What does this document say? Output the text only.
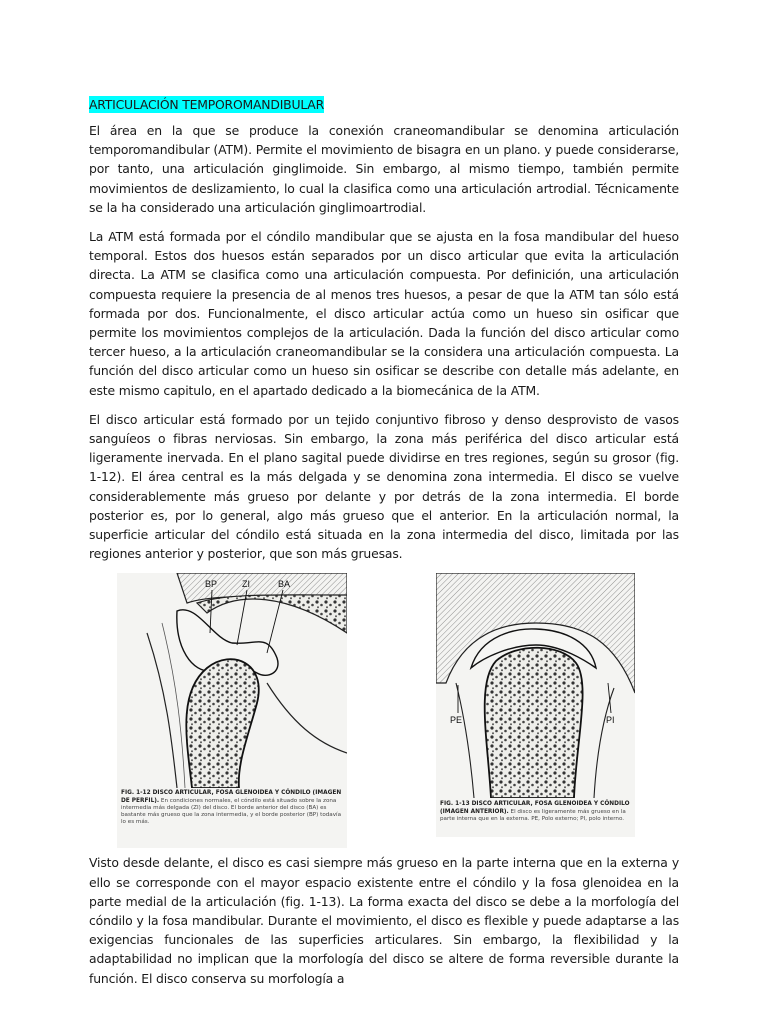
ARTICULACIÓN TEMPOROMANDIBULAR

El área en la que se produce la conexión craneomandibular se denomina articulación temporomandibular (ATM). Permite el movimiento de bisagra en un plano. y puede considerarse, por tanto, una articulación ginglimoide. Sin embargo, al mismo tiempo, también permite movimientos de deslizamiento, lo cual la clasifica como una articulación artrodial. Técnicamente se la ha considerado una articulación ginglimoartrodial.

La ATM está formada por el cóndilo mandibular que se ajusta en la fosa mandibular del hueso temporal. Estos dos huesos están separados por un disco articular que evita la articulación directa. La ATM se clasifica como una articulación compuesta. Por definición, una articulación compuesta requiere la presencia de al menos tres huesos, a pesar de que la ATM tan sólo está formada por dos. Funcionalmente, el disco articular actúa como un hueso sin osificar que permite los movimientos complejos de la articulación. Dada la función del disco articular como tercer hueso, a la articulación craneomandibular se la considera una articulación compuesta. La función del disco articular como un hueso sin osificar se describe con detalle más adelante, en este mismo capitulo, en el apartado dedicado a la biomecánica de la ATM.

El disco articular está formado por un tejido conjuntivo fibroso y denso desprovisto de vasos sanguíeos o fibras nerviosas. Sin embargo, la zona más periférica del disco articular está ligeramente inervada. En el plano sagital puede dividirse en tres regiones, según su grosor (fig. 1-12). El área central es la más delgada y se denomina zona intermedia. El disco se vuelve considerablemente más grueso por delante y por detrás de la zona intermedia. El borde posterior es, por lo general, algo más grueso que el anterior. En la articulación normal, la superficie articular del cóndilo está situada en la zona intermedia del disco, limitada por las regiones anterior y posterior, que son más gruesas.

BP	ZI	BA
FIG. 1-12 DISCO ARTICULAR, FOSA GLENOIDEA Y CÓNDILO (IMAGEN DE PERFIL). En condiciones normales, el cóndilo está situado sobre la zona intermedia más delgada (ZI) del disco. El borde anterior del disco (BA) es bastante más grueso que la zona intermedia, y el borde posterior (BP) todavía lo es más.
PE	PI
FIG. 1-13 DISCO ARTICULAR, FOSA GLENOIDEA Y CÓNDILO (IMAGEN ANTERIOR). El disco es ligeramente más grueso en la parte interna que en la externa. PE, Polo externo; PI, polo interno.

Visto desde delante, el disco es casi siempre más grueso en la parte interna que en la externa y ello se corresponde con el mayor espacio existente entre el cóndilo y la fosa glenoidea en la parte medial de la articulación (fig. 1-13). La forma exacta del disco se debe a la morfología del cóndilo y la fosa mandibular. Durante el movimiento, el disco es flexible y puede adaptarse a las exigencias funcionales de las superficies articulares. Sin embargo, la flexibilidad y la adaptabilidad no implican que la morfología del disco se altere de forma reversible durante la función. El disco conserva su morfología a
